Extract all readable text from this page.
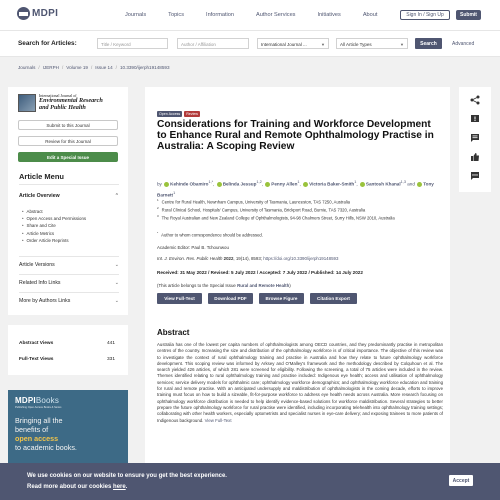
MDPI	Journals	Topics	Information	Author Services	Initiatives	About	Sign In / Sign Up	Submit
Search for Articles:	Title / Keyword	Author / Affiliation	International Journal ...	▼	All Article Types	▼	Search	Advanced
Journals / IJERPH / Volume 19 / Issue 14 / 10.3390/ijerph19148593
International Journal of
Environmental Research
and Public Health
Submit to this Journal
Review for this Journal
Edit a Special Issue
Article Menu
Article Overview	⌃
• Abstract
• Open Access and Permissions
• Share and Cite
• Article Metrics
• Order Article Reprints
Article Versions	⌄
Related Info Links	⌄
More by Authors Links	⌄
Abstract Views	441
Full-Text Views	331
MDPIBooks
Publishing Open Access Books & Series
Bringing all the
benefits of
open access
to academic books.
Open Access	Review
Considerations for Training and Workforce Development to Enhance Rural and Remote Ophthalmology Practise in Australia: A Scoping Review
by Kehinde Obamiro$^{1,*}$, Belinda Jessup$^{1,2}$, Penny Allen$^1$, Victoria Baker-Smith$^1$, Santosh Khanal$^{1,3}$ and Tony Barnett$^1$
$^1$ Centre for Rural Health, Newnham Campus, University of Tasmania, Launceston, TAS 7250, Australia
$^2$ Rural Clinical School, Hospitals' Campus, University of Tasmania, Brickport Road, Burnie, TAS 7320, Australia
$^3$ The Royal Australian and New Zealand College of Ophthalmologists, 94-98 Chalmers Street, Surry Hills, NSW 2010, Australia
* Author to whom correspondence should be addressed.
Academic Editor: Paul B. Tchounwou
Int. J. Environ. Res. Public Health 2022, 19(14), 8593; https://doi.org/10.3390/ijerph19148593
Received: 31 May 2022 / Revised: 5 July 2022 / Accepted: 7 July 2022 / Published: 14 July 2022
(This article belongs to the Special Issue Rural and Remote Health)
View Full-Text	Download PDF	Browse Figure	Citation Export
Abstract

Australia has one of the lowest per capita numbers of ophthalmologists among OECD countries, and they predominantly practise in metropolitan centres of the country. Increasing the size and distribution of the ophthalmology workforce is of critical importance. The objective of this review was to investigate the context of rural ophthalmology training and practise in Australia and how they relate to future ophthalmology workforce development. This scoping review was informed by Arksey and O'Malley's framework and the methodology described by Colquhoun et al. The search yielded 426 articles, of which 281 were screened for eligibility. Following the screening, a total of 75 articles were included in the review. Themes identified relating to rural ophthalmology training and practise included: Indigenous eye health; access and utilisation of ophthalmology services; service delivery models for ophthalmic care; ophthalmology workforce demographics; and ophthalmology workforce education and training for rural and remote practise. With an anticipated undersupply and maldistribution of ophthalmologists in the coming decade, efforts to improve training must focus on how to build a sizeable, fit-for-purpose workforce to address eye health needs across Australia. More research focusing on ophthalmology workforce distribution is needed to help identify evidence-based solutions for workforce maldistribution. Several strategies to better prepare the future ophthalmology workforce for rural practise were identified, including incorporating telehealth into ophthalmology training settings; collaborating with other health workers, especially optometrists and specialist nurses in eye-care delivery; and exposing trainees to more patients of Indigenous background. View Full-Text

We use cookies on our website to ensure you get the best experience.
Read more about our cookies here.
Accept
